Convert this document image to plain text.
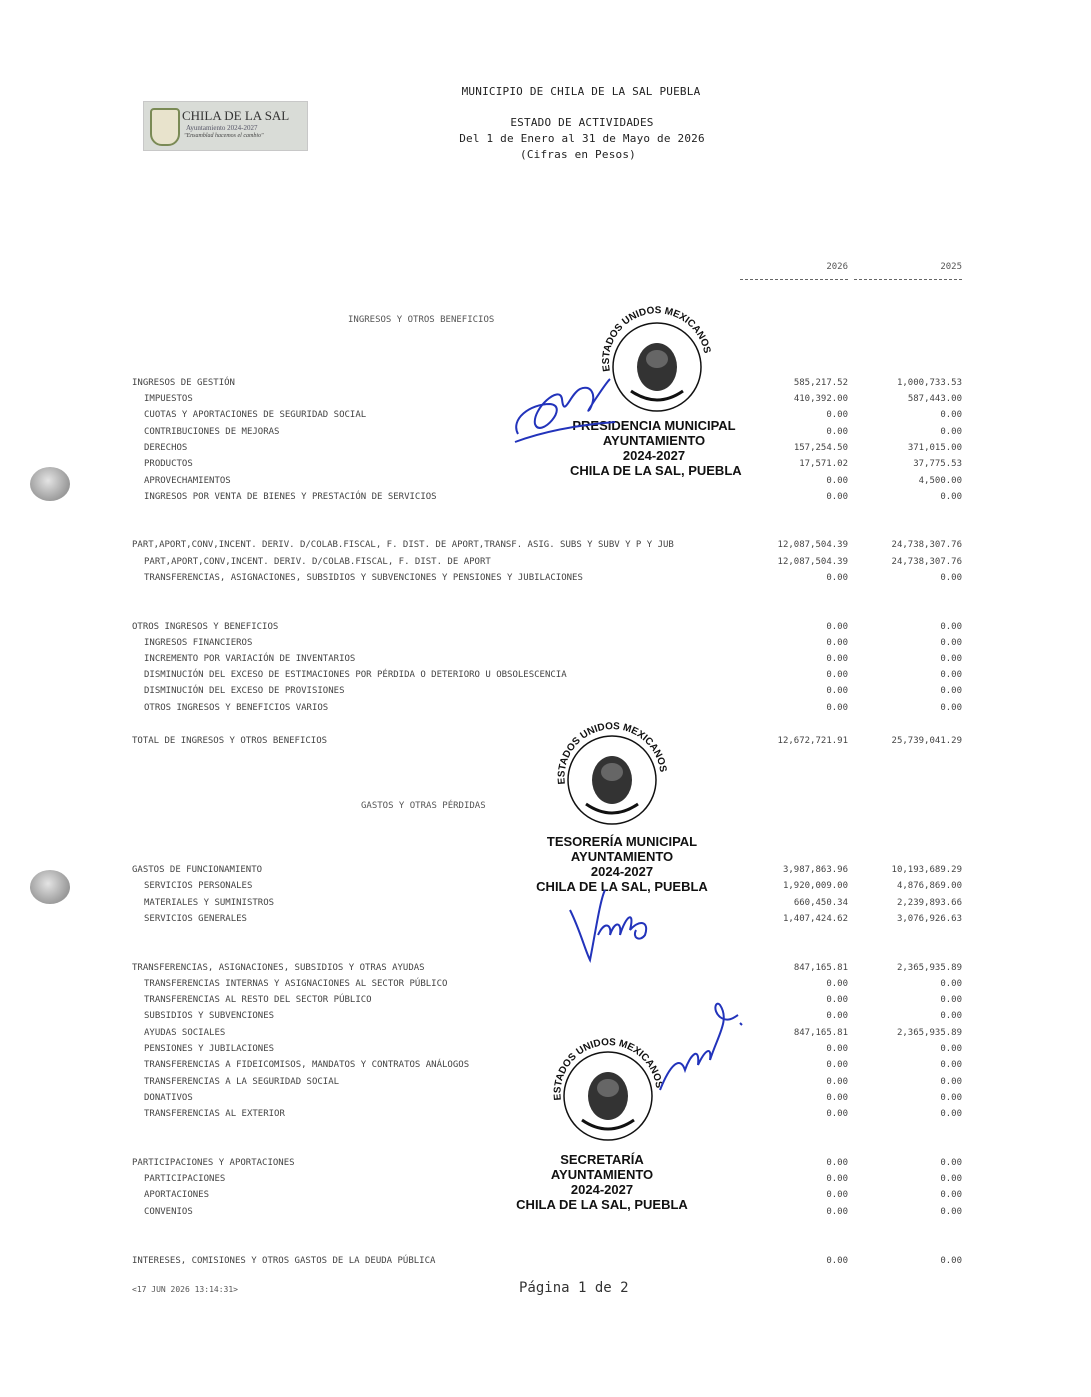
CHILA DE LA SAL
Ayuntamiento 2024-2027
"Ensamblad hacemos el cambio"
MUNICIPIO DE CHILA DE LA SAL PUEBLA
ESTADO DE ACTIVIDADES
Del 1 de Enero al 31 de Mayo de 2026
(Cifras en Pesos)
2026	2025
INGRESOS Y OTROS BENEFICIOS
GASTOS Y OTRAS PÉRDIDAS
INGRESOS DE GESTIÓN	585,217.52	1,000,733.53
IMPUESTOS	410,392.00	587,443.00
CUOTAS Y APORTACIONES DE SEGURIDAD SOCIAL	0.00	0.00
CONTRIBUCIONES DE MEJORAS	0.00	0.00
DERECHOS	157,254.50	371,015.00
PRODUCTOS	17,571.02	37,775.53
APROVECHAMIENTOS	0.00	4,500.00
INGRESOS POR VENTA DE BIENES Y PRESTACIÓN DE SERVICIOS	0.00	0.00
PART,APORT,CONV,INCENT. DERIV. D/COLAB.FISCAL, F. DIST. DE APORT,TRANSF. ASIG. SUBS Y SUBV Y P Y JUB	12,087,504.39	24,738,307.76
PART,APORT,CONV,INCENT. DERIV. D/COLAB.FISCAL, F. DIST. DE APORT	12,087,504.39	24,738,307.76
TRANSFERENCIAS, ASIGNACIONES, SUBSIDIOS Y SUBVENCIONES Y PENSIONES Y JUBILACIONES	0.00	0.00
OTROS INGRESOS Y BENEFICIOS	0.00	0.00
INGRESOS FINANCIEROS	0.00	0.00
INCREMENTO POR VARIACIÓN DE INVENTARIOS	0.00	0.00
DISMINUCIÓN DEL EXCESO DE ESTIMACIONES POR PÉRDIDA O DETERIORO U OBSOLESCENCIA	0.00	0.00
DISMINUCIÓN DEL EXCESO DE PROVISIONES	0.00	0.00
OTROS INGRESOS Y BENEFICIOS VARIOS	0.00	0.00
TOTAL DE INGRESOS Y OTROS BENEFICIOS	12,672,721.91	25,739,041.29
GASTOS DE FUNCIONAMIENTO	3,987,863.96	10,193,689.29
SERVICIOS PERSONALES	1,920,009.00	4,876,869.00
MATERIALES Y SUMINISTROS	660,450.34	2,239,893.66
SERVICIOS GENERALES	1,407,424.62	3,076,926.63
TRANSFERENCIAS, ASIGNACIONES, SUBSIDIOS Y OTRAS AYUDAS	847,165.81	2,365,935.89
TRANSFERENCIAS INTERNAS Y ASIGNACIONES AL SECTOR PÚBLICO	0.00	0.00
TRANSFERENCIAS AL RESTO DEL SECTOR PÚBLICO	0.00	0.00
SUBSIDIOS Y SUBVENCIONES	0.00	0.00
AYUDAS SOCIALES	847,165.81	2,365,935.89
PENSIONES Y JUBILACIONES	0.00	0.00
TRANSFERENCIAS A FIDEICOMISOS, MANDATOS Y CONTRATOS ANÁLOGOS	0.00	0.00
TRANSFERENCIAS A LA SEGURIDAD SOCIAL	0.00	0.00
DONATIVOS	0.00	0.00
TRANSFERENCIAS AL EXTERIOR	0.00	0.00
PARTICIPACIONES Y APORTACIONES	0.00	0.00
PARTICIPACIONES	0.00	0.00
APORTACIONES	0.00	0.00
CONVENIOS	0.00	0.00
INTERESES, COMISIONES Y OTROS GASTOS DE LA DEUDA PÚBLICA	0.00	0.00
ESTADOS UNIDOS MEXICANOS
PRESIDENCIA MUNICIPAL
AYUNTAMIENTO
2024-2027
CHILA DE LA SAL, PUEBLA
ESTADOS UNIDOS MEXICANOS
TESORERÍA MUNICIPAL
AYUNTAMIENTO
2024-2027
CHILA DE LA SAL, PUEBLA
ESTADOS UNIDOS MEXICANOS
SECRETARÍA
AYUNTAMIENTO
2024-2027
CHILA DE LA SAL, PUEBLA
<17 JUN 2026 13:14:31>	Página 1 de 2
